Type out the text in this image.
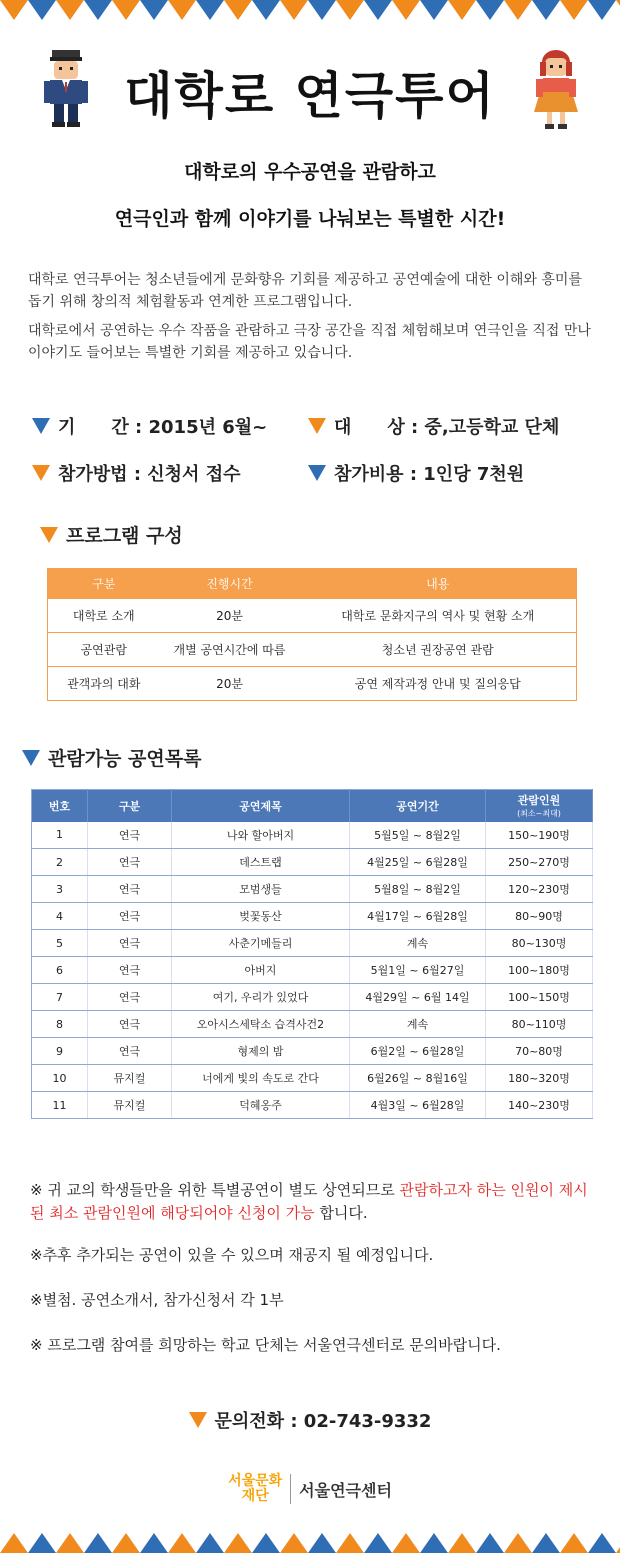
대학로 연극투어
대학로의 우수공연을 관람하고
연극인과 함께 이야기를 나눠보는 특별한 시간!
대학로 연극투어는 청소년들에게 문화향유 기회를 제공하고 공연예술에 대한 이해와 흥미를 돕기 위해 창의적 체험활동과 연계한 프로그램입니다.
대학로에서 공연하는 우수 작품을 관람하고 극장 공간을 직접 체험해보며 연극인을 직접 만나 이야기도 들어보는 특별한 기회를 제공하고 있습니다.
기　　간 : 2015년 6월~	대　　상 : 중,고등학교 단체
참가방법 : 신청서 접수	참가비용 : 1인당 7천원
프로그램 구성
구분	진행시간	내용
대학로 소개	20분	대학로 문화지구의 역사 및 현황 소개
공연관람	개별 공연시간에 따름	청소년 권장공연 관람
관객과의 대화	20분	공연 제작과정 안내 및 질의응답
관람가능 공연목록
번호	구분	공연제목	공연기간	관람인원
(최소~최대)

1	연극	나와 할아버지	5월5일 ~ 8월2일	150~190명
2	연극	데스트랩	4월25일 ~ 6월28일	250~270명
3	연극	모범생들	5월8일 ~ 8월2일	120~230명
4	연극	벚꽃동산	4월17일 ~ 6월28일	80~90명
5	연극	사춘기메들리	계속	80~130명
6	연극	아버지	5월1일 ~ 6월27일	100~180명
7	연극	여기, 우리가 있었다	4월29일 ~ 6월 14일	100~150명
8	연극	오아시스세탁소 습격사건2	계속	80~110명
9	연극	형제의 밤	6월2일 ~ 6월28일	70~80명
10	뮤지컬	너에게 빛의 속도로 간다	6월26일 ~ 8월16일	180~320명
11	뮤지컬	덕혜옹주	4월3일 ~ 6월28일	140~230명
※ 귀 교의 학생들만을 위한 특별공연이 별도 상연되므로 관람하고자 하는 인원이 제시된 최소 관람인원에 해당되어야 신청이 가능 합니다.
※추후 추가되는 공연이 있을 수 있으며 재공지 될 예정입니다.
※별첨. 공연소개서, 참가신청서 각 1부
※ 프로그램 참여를 희망하는 학교 단체는 서울연극센터로 문의바랍니다.
문의전화 : 02-743-9332
서울문화
재단	서울연극센터
